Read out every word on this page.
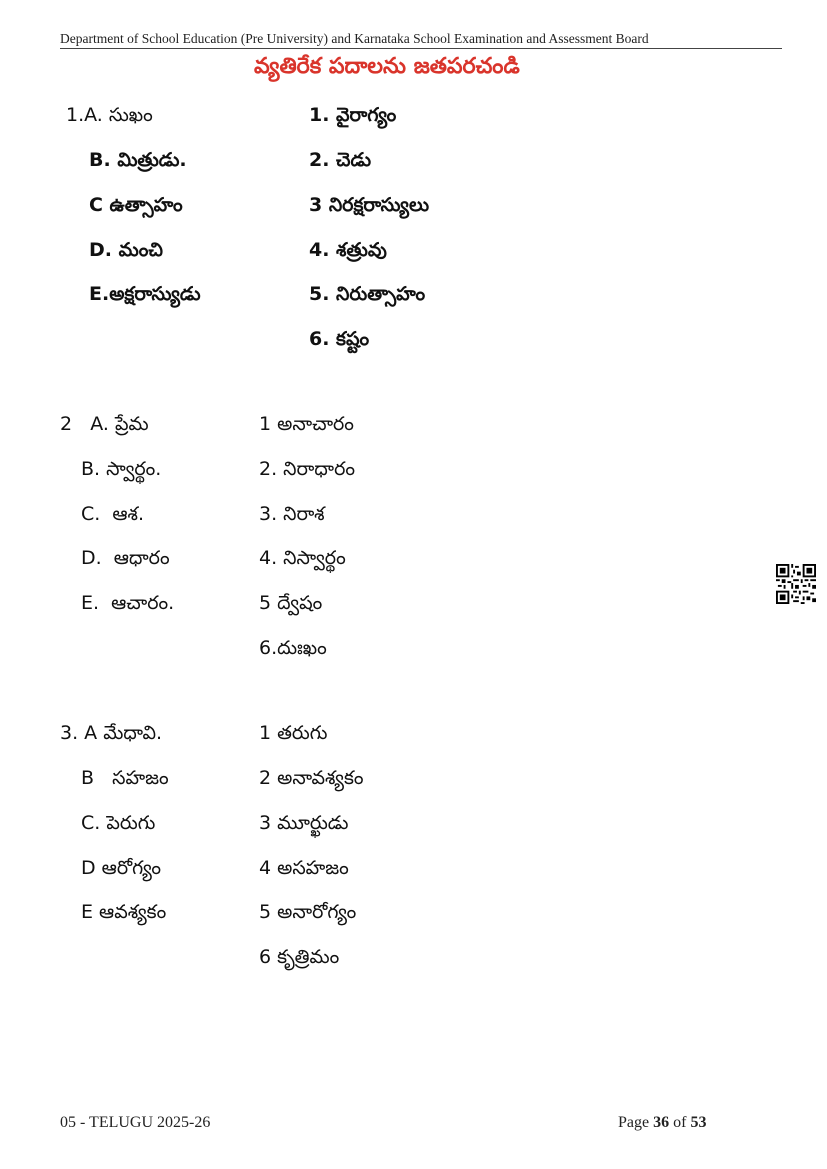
Department of School Education (Pre University) and Karnataka School Examination and Assessment Board
వ్యతిరేక పదాలను జతపరచండి
1.A. సుఖం
B. మిత్రుడు.
C ఉత్సాహం
D. మంచి
E.అక్షరాస్యుడు
1. వైరాగ్యం
2. చెడు
3 నిరక్షరాస్యులు
4. శత్రువు
5. నిరుత్సాహం
6. కష్టం
2   A. ప్రేమ
B. స్వార్థం.
C.  ఆశ.
D.  ఆధారం
E.  ఆచారం.
1 అనాచారం
2. నిరాధారం
3. నిరాశ
4. నిస్వార్థం
5 ద్వేషం
6.దుఃఖం
3. A మేధావి.
B   సహజం
C. పెరుగు
D ఆరోగ్యం
E ఆవశ్యకం
1 తరుగు
2 అనావశ్యకం
3 మూర్ఖుడు
4 అసహజం
5 అనారోగ్యం
6 కృత్రిమం
05 - TELUGU 2025-26	Page 36 of 53
